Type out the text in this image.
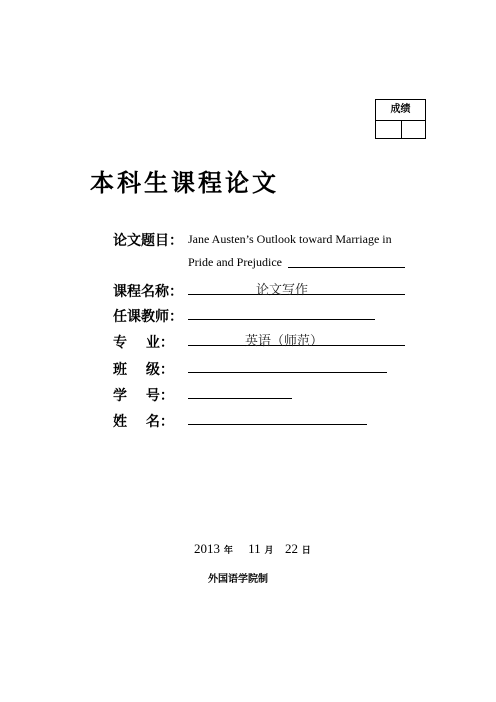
成绩
本科生课程论文
论文题目： Jane Austen’s Outlook toward Marriage in
Pride and Prejudice
课程名称：	论文写作
任课教师：
专　 业：	英语（师范）
班　 级：
学　 号：
姓　 名：
2013 年 11 月 22 日
外国语学院制
